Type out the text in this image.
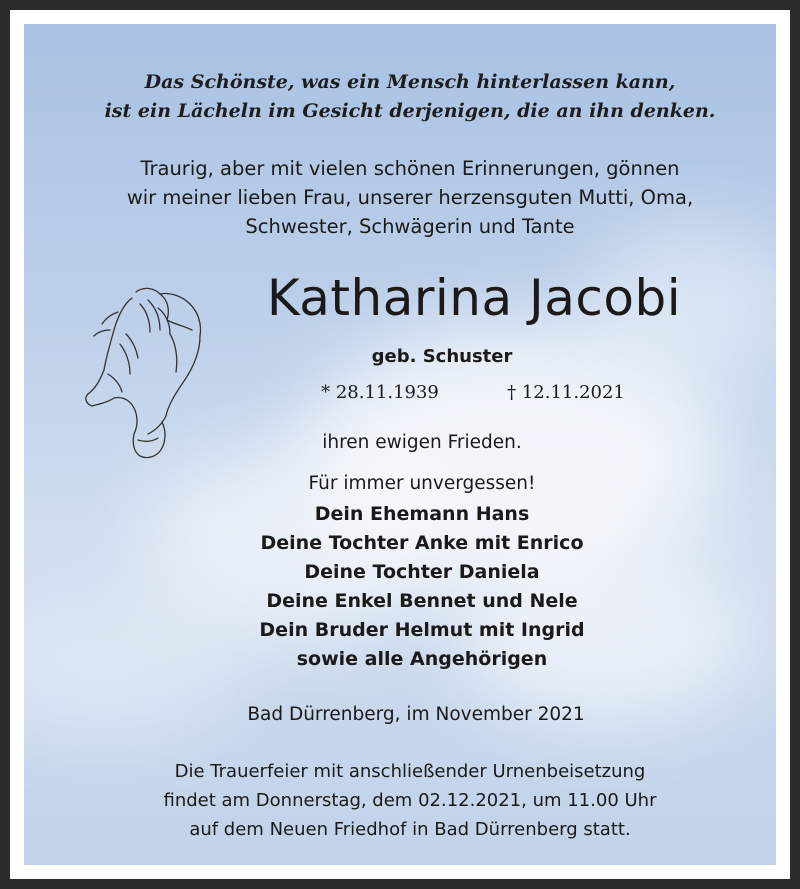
Das Schönste, was ein Mensch hinterlassen kann,
ist ein Lächeln im Gesicht derjenigen, die an ihn denken.
Traurig, aber mit vielen schönen Erinnerungen, gönnen
wir meiner lieben Frau, unserer herzensguten Mutti, Oma,
Schwester, Schwägerin und Tante
Katharina Jacobi
geb. Schuster
* 28.11.1939	† 12.11.2021
ihren ewigen Frieden.
Für immer unvergessen!
Dein Ehemann Hans
Deine Tochter Anke mit Enrico
Deine Tochter Daniela
Deine Enkel Bennet und Nele
Dein Bruder Helmut mit Ingrid
sowie alle Angehörigen
Bad Dürrenberg, im November 2021
Die Trauerfeier mit anschließender Urnenbeisetzung
findet am Donnerstag, dem 02.12.2021, um 11.00 Uhr
auf dem Neuen Friedhof in Bad Dürrenberg statt.
